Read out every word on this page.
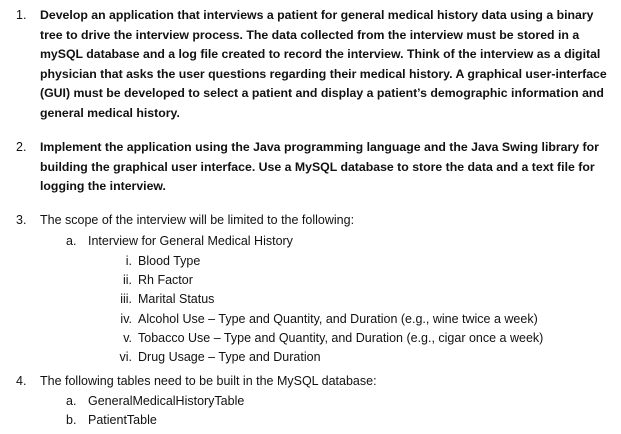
1.	Develop an application that interviews a patient for general medical history data using a binary tree to drive the interview process. The data collected from the interview must be stored in a mySQL database and a log file created to record the interview. Think of the interview as a digital physician that asks the user questions regarding their medical history. A graphical user-interface (GUI) must be developed to select a patient and display a patient’s demographic information and general medical history.
2.	Implement the application using the Java programming language and the Java Swing library for building the graphical user interface. Use a MySQL database to store the data and a text file for logging the interview.
3.	The scope of the interview will be limited to the following:
a. Interview for General Medical History
i. Blood Type
ii. Rh Factor
iii. Marital Status
iv. Alcohol Use – Type and Quantity, and Duration (e.g., wine twice a week)
v. Tobacco Use – Type and Quantity, and Duration (e.g., cigar once a week)
vi. Drug Usage – Type and Duration
4.	The following tables need to be built in the MySQL database:
a. GeneralMedicalHistoryTable
b. PatientTable
